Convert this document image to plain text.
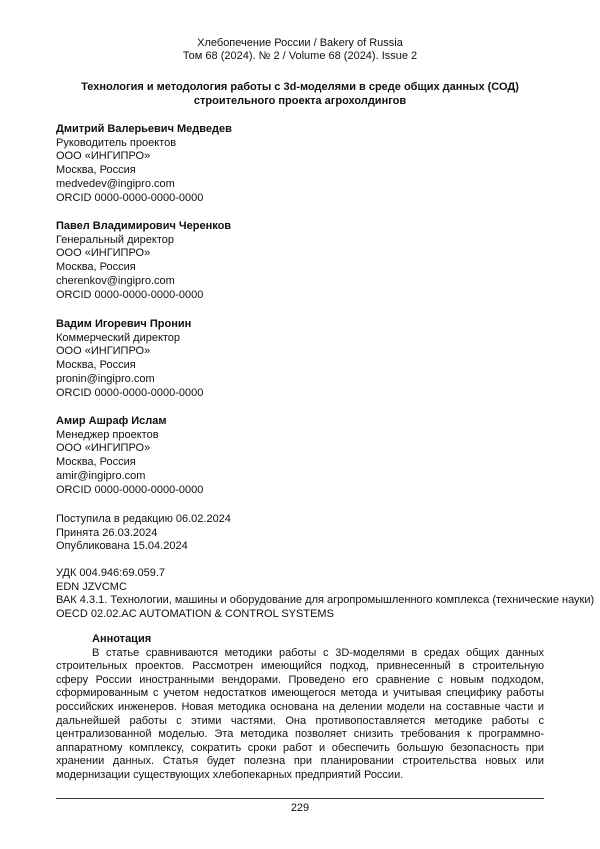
Хлебопечение России / Bakery of Russia
Том 68 (2024). № 2 / Volume 68 (2024). Issue 2
Технология и методология работы с 3d-моделями в среде общих данных (СОД) строительного проекта агрохолдингов
Дмитрий Валерьевич Медведев
Руководитель проектов
ООО «ИНГИПРО»
Москва, Россия
medvedev@ingipro.com
ORCID 0000-0000-0000-0000
Павел Владимирович Черенков
Генеральный директор
ООО «ИНГИПРО»
Москва, Россия
cherenkov@ingipro.com
ORCID 0000-0000-0000-0000
Вадим Игоревич Пронин
Коммерческий директор
ООО «ИНГИПРО»
Москва, Россия
pronin@ingipro.com
ORCID 0000-0000-0000-0000
Амир Ашраф Ислам
Менеджер проектов
ООО «ИНГИПРО»
Москва, Россия
amir@ingipro.com
ORCID 0000-0000-0000-0000
Поступила в редакцию 06.02.2024
Принята 26.03.2024
Опубликована 15.04.2024
УДК 004.946:69.059.7
EDN JZVCMC
ВАК 4.3.1. Технологии, машины и оборудование для агропромышленного комплекса (технические науки)
OECD 02.02.AC AUTOMATION & CONTROL SYSTEMS
Аннотация

В статье сравниваются методики работы с 3D-моделями в средах общих данных строительных проектов. Рассмотрен имеющийся подход, привнесенный в строительную сферу России иностранными вендорами. Проведено его сравнение с новым подходом, сформированным с учетом недостатков имеющегося метода и учитывая специфику работы российских инженеров. Новая методика основана на делении модели на составные части и дальнейшей работы с этими частями. Она противопоставляется методике работы с централизованной моделью. Эта методика позволяет снизить требования к программно-аппаратному комплексу, сократить сроки работ и обеспечить большую безопасность при хранении данных. Статья будет полезна при планировании строительства новых или модернизации существующих хлебопекарных предприятий России.

229
